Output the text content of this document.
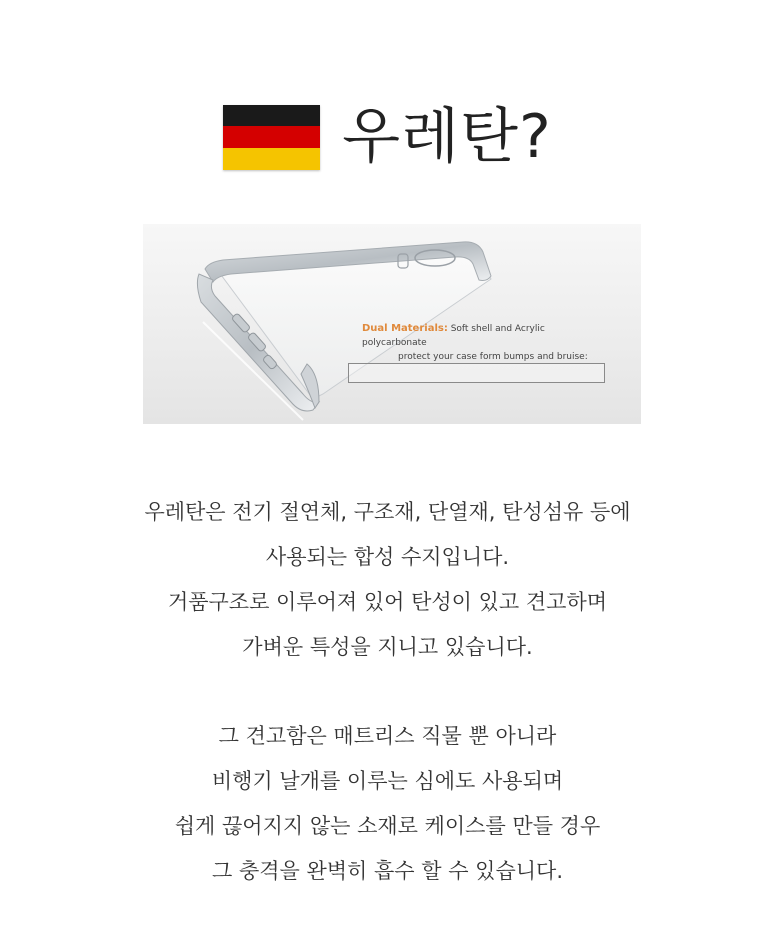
우레탄?
Dual Materials: Soft shell and Acrylic polycarbonate
protect your case form bumps and bruise:
우레탄은 전기 절연체, 구조재, 단열재, 탄성섬유 등에
사용되는 합성 수지입니다.
거품구조로 이루어져 있어 탄성이 있고 견고하며
가벼운 특성을 지니고 있습니다.
그 견고함은 매트리스 직물 뿐 아니라
비행기 날개를 이루는 심에도 사용되며
쉽게 끊어지지 않는 소재로 케이스를 만들 경우
그 충격을 완벽히 흡수 할 수 있습니다.
